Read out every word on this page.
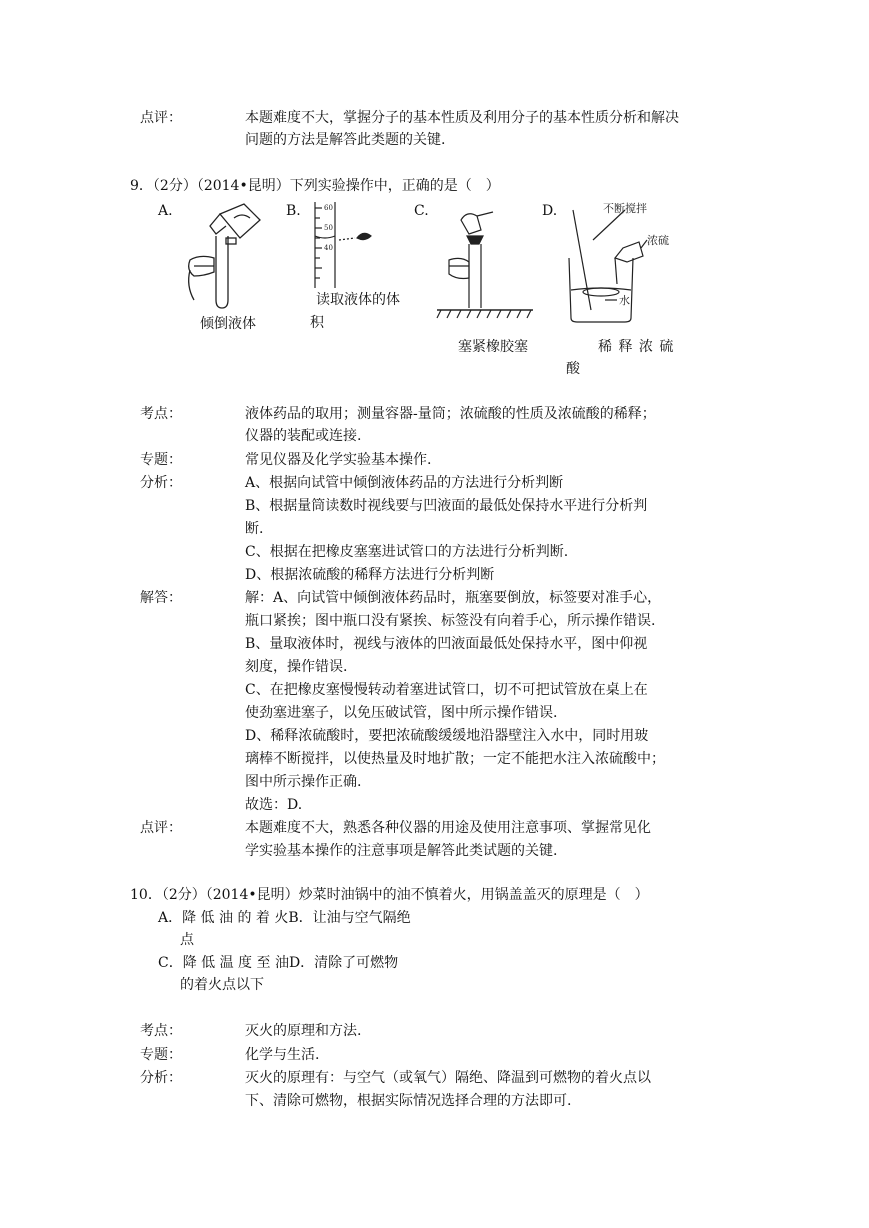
点评：	本题难度不大，掌握分子的基本性质及利用分子的基本性质分析和解决
问题的方法是解答此类题的关键.
9．（2分）（2014•昆明）下列实验操作中，正确的是（　）
A.	B.	C.	D.
倾倒液体
60
50
40
读取液体的体
积
塞紧橡胶塞
不断搅拌
浓硫
水
稀 释 浓 硫
酸
考点：	液体药品的取用；测量容器-量筒；浓硫酸的性质及浓硫酸的稀释；
仪器的装配或连接.
专题：	常见仪器及化学实验基本操作.
分析：	A、根据向试管中倾倒液体药品的方法进行分析判断
B、根据量筒读数时视线要与凹液面的最低处保持水平进行分析判
断.
C、根据在把橡皮塞塞进试管口的方法进行分析判断.
D、根据浓硫酸的稀释方法进行分析判断
解答：	解：A、向试管中倾倒液体药品时，瓶塞要倒放，标签要对准手心，
瓶口紧挨；图中瓶口没有紧挨、标签没有向着手心，所示操作错误.
B、量取液体时，视线与液体的凹液面最低处保持水平，图中仰视
刻度，操作错误.
C、在把橡皮塞慢慢转动着塞进试管口，切不可把试管放在桌上在
使劲塞进塞子，以免压破试管，图中所示操作错误.
D、稀释浓硫酸时，要把浓硫酸缓缓地沿器壁注入水中，同时用玻
璃棒不断搅拌，以使热量及时地扩散；一定不能把水注入浓硫酸中；
图中所示操作正确.
故选：D.
点评：	本题难度不大，熟悉各种仪器的用途及使用注意事项、掌握常见化
学实验基本操作的注意事项是解答此类试题的关键.
10．（2分）（2014•昆明）炒菜时油锅中的油不慎着火，用锅盖盖灭的原理是（　）
A．降 低 油 的 着 火B．让油与空气隔绝
点
C．降 低 温 度 至 油D．清除了可燃物
的着火点以下
考点：	灭火的原理和方法.
专题：	化学与生活.
分析：	灭火的原理有：与空气（或氧气）隔绝、降温到可燃物的着火点以
下、清除可燃物，根据实际情况选择合理的方法即可.
